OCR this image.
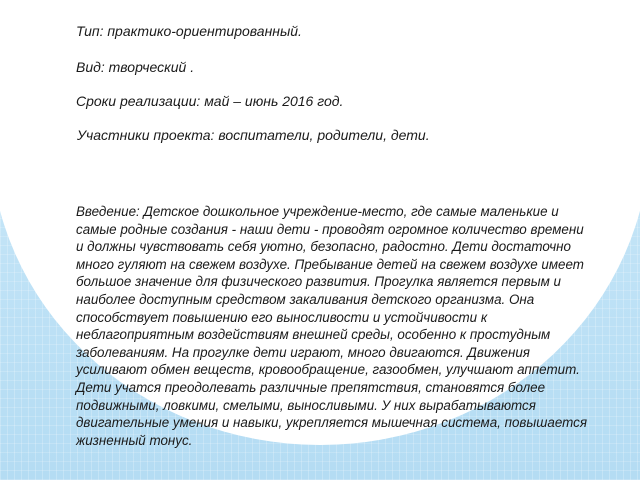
Тип: практико-ориентированный.

Вид: творческий .

Сроки реализации: май – июнь 2016 год.

Участники проекта: воспитатели, родители, дети.

Введение: Детское дошкольное учреждение-место, где самые маленькие и самые родные создания - наши дети - проводят огромное количество времени и должны чувствовать себя уютно, безопасно, радостно. Дети достаточно много гуляют на свежем воздухе. Пребывание детей на свежем воздухе имеет большое значение для физического развития. Прогулка является первым и наиболее доступным средством закаливания детского организма. Она способствует повышению его выносливости и устойчивости к неблагоприятным воздействиям внешней среды, особенно к простудным заболеваниям. На прогулке дети играют, много двигаются. Движения усиливают обмен веществ, кровообращение, газообмен, улучшают аппетит. Дети учатся преодолевать различные препятствия, становятся более подвижными, ловкими, смелыми, выносливыми. У них вырабатываются двигательные умения и навыки, укрепляется мышечная система, повышается жизненный тонус.
